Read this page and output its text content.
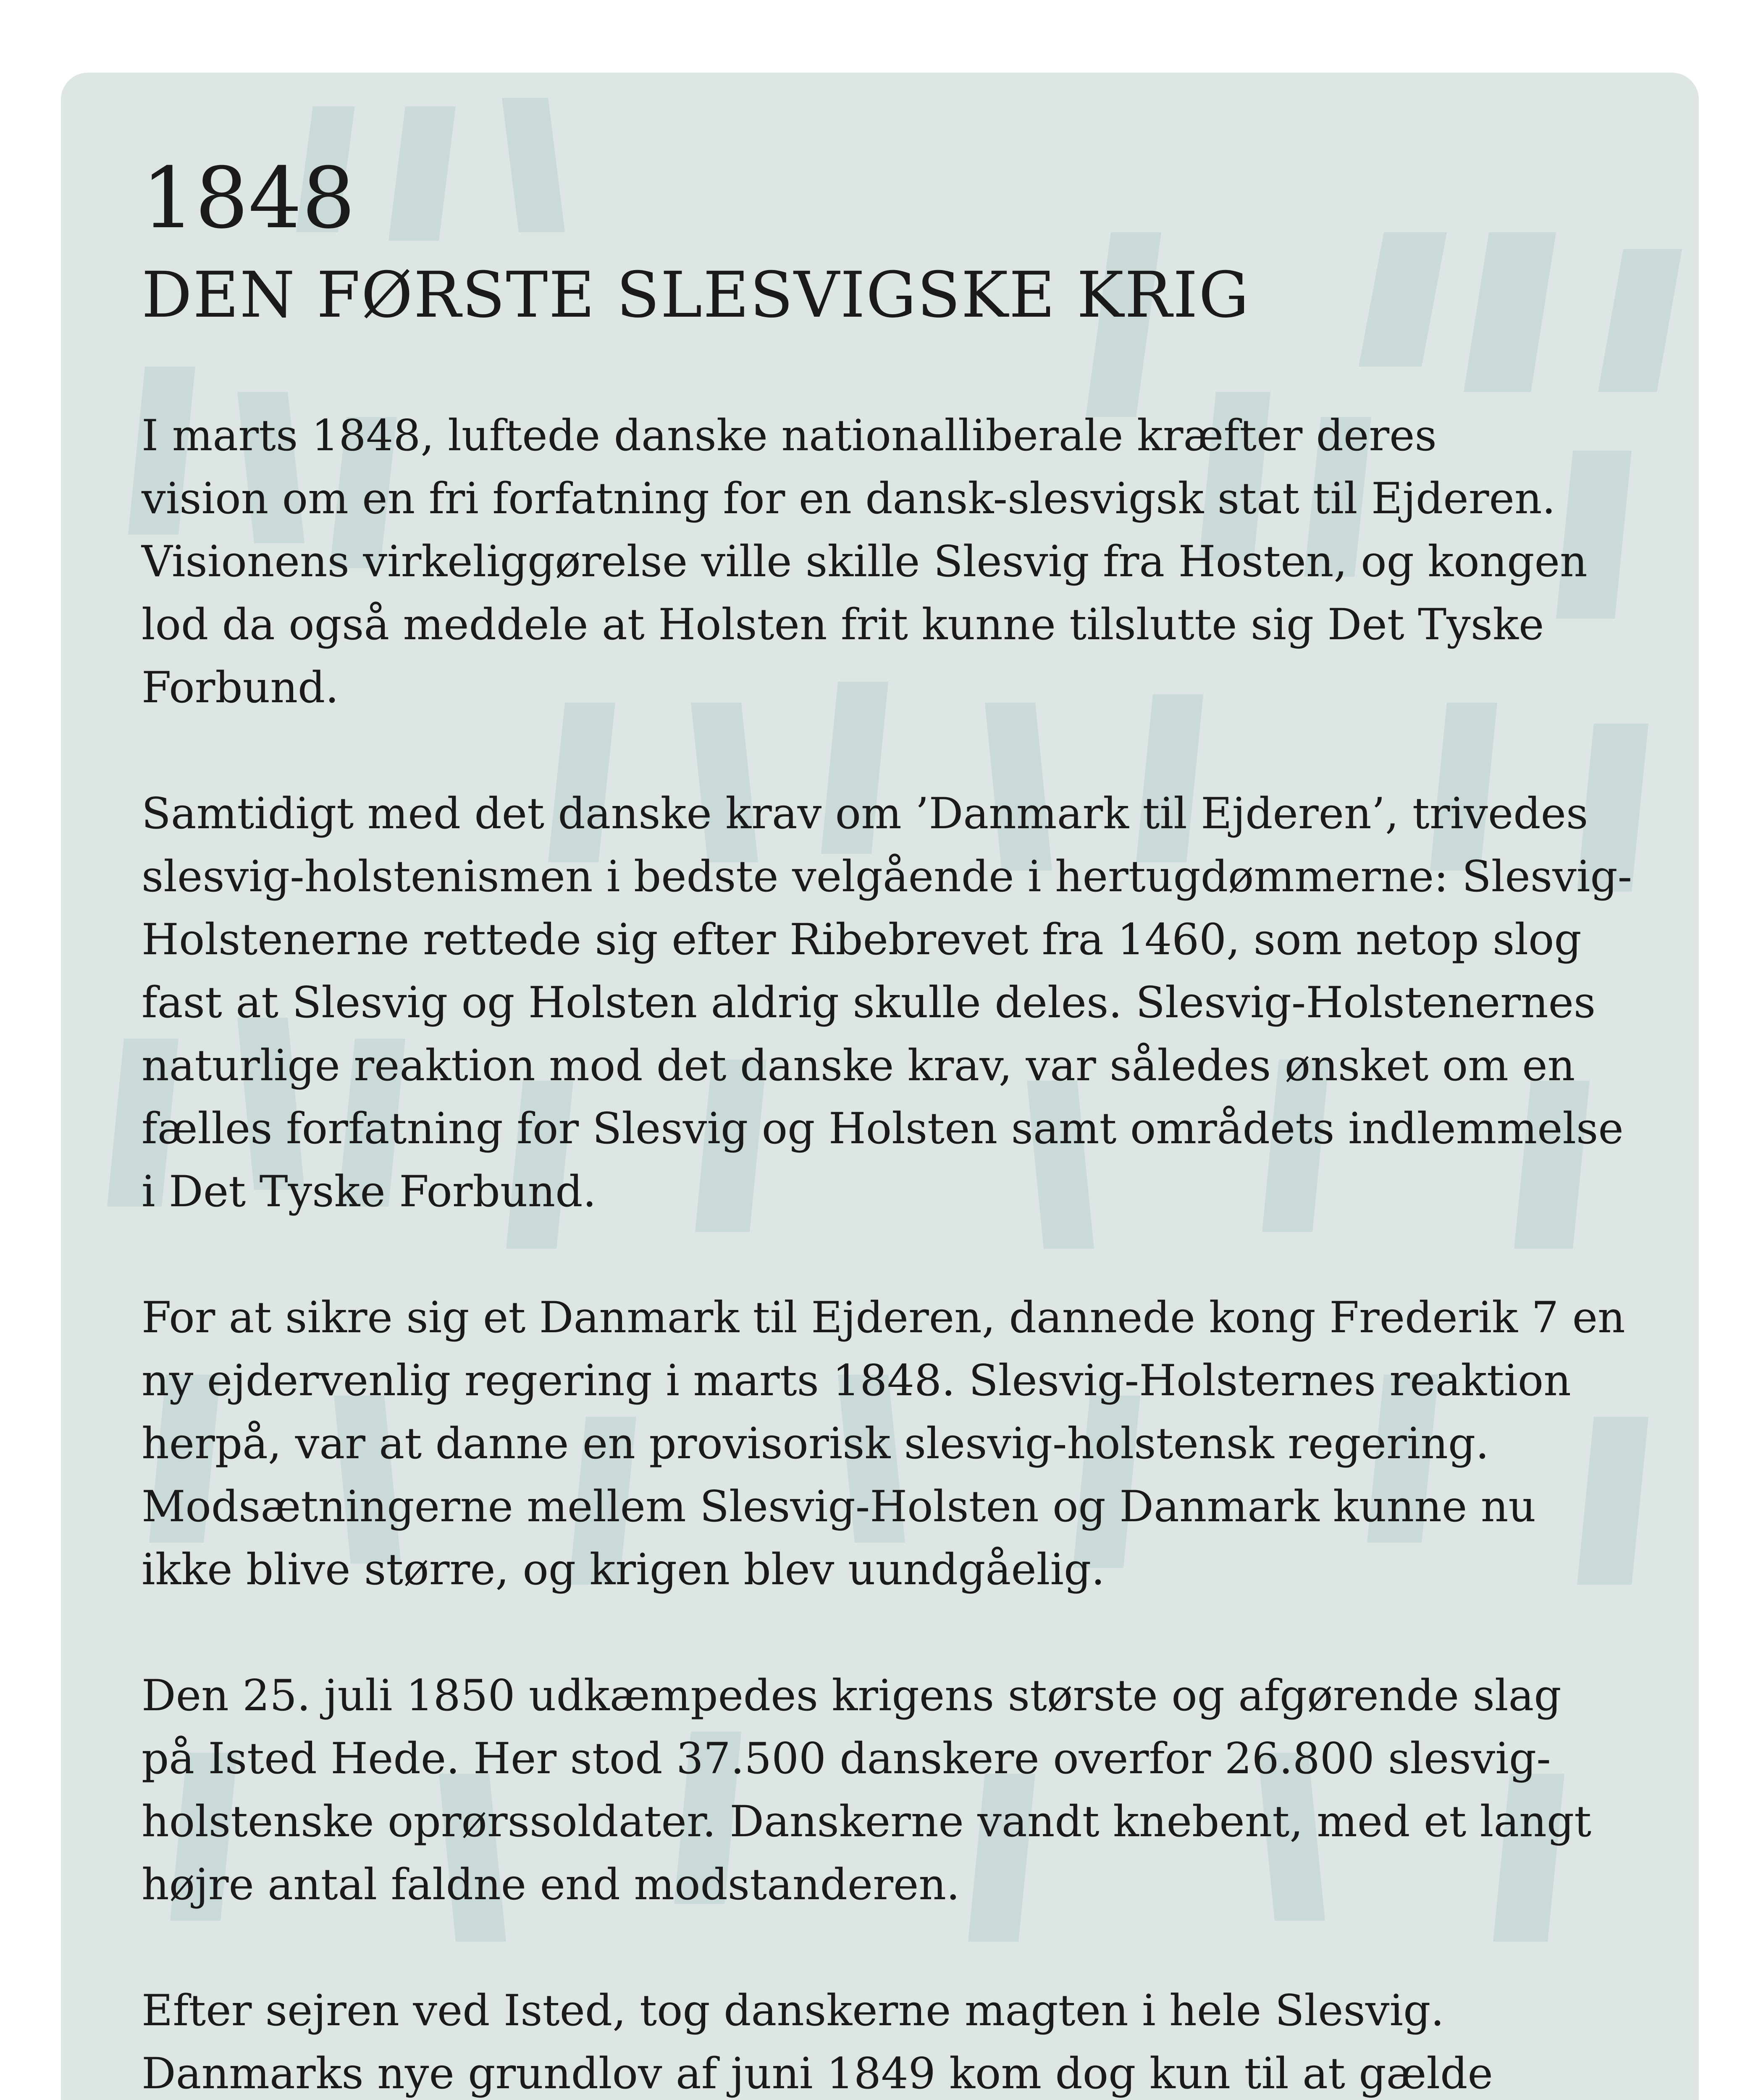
1848
DEN FØRSTE SLESVIGSKE KRIG

I marts 1848, luftede danske nationalliberale kræfter deres
vision om en fri forfatning for en dansk-slesvigsk stat til Ejderen.
Visionens virkeliggørelse ville skille Slesvig fra Hosten, og kongen
lod da også meddele at Holsten frit kunne tilslutte sig Det Tyske
Forbund.

Samtidigt med det danske krav om ’Danmark til Ejderen’, trivedes
slesvig-holstenismen i bedste velgående i hertugdømmerne: Slesvig-
Holstenerne rettede sig efter Ribebrevet fra 1460, som netop slog
fast at Slesvig og Holsten aldrig skulle deles. Slesvig-Holstenernes
naturlige reaktion mod det danske krav, var således ønsket om en
fælles forfatning for Slesvig og Holsten samt områdets indlemmelse
i Det Tyske Forbund.

For at sikre sig et Danmark til Ejderen, dannede kong Frederik 7 en
ny ejdervenlig regering i marts 1848. Slesvig-Holsternes reaktion
herpå, var at danne en provisorisk slesvig-holstensk regering.
Modsætningerne mellem Slesvig-Holsten og Danmark kunne nu
ikke blive større, og krigen blev uundgåelig.

Den 25. juli 1850 udkæmpedes krigens største og afgørende slag
på Isted Hede. Her stod 37.500 danskere overfor 26.800 slesvig-
holstenske oprørssoldater. Danskerne vandt knebent, med et langt
højre antal faldne end modstanderen.

Efter sejren ved Isted, tog danskerne magten i hele Slesvig.
Danmarks nye grundlov af juni 1849 kom dog kun til at gælde
